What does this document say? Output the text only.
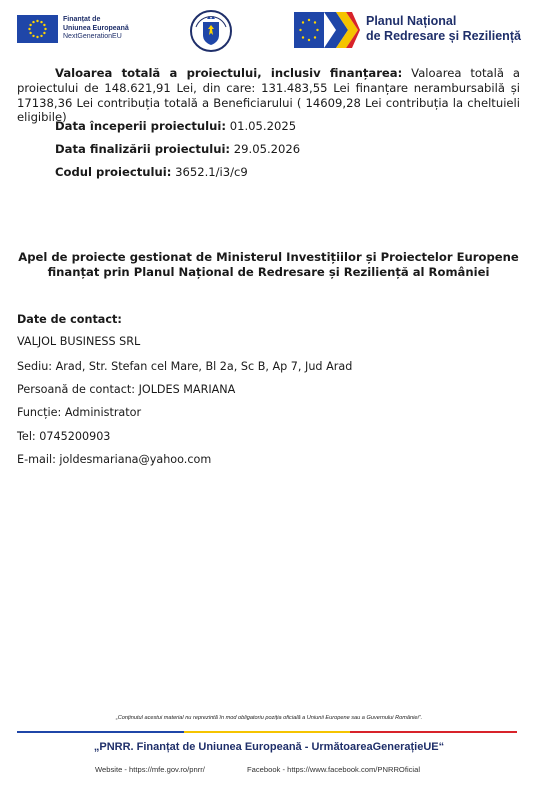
Finanțat de
Uniunea Europeană
NextGenerationEU
Planul Național
de Redresare și Reziliență
Valoarea totală a proiectului, inclusiv finanțarea: Valoarea totală a proiectului de 148.621,91 Lei, din care: 131.483,55 Lei finanțare nerambursabilă și 17138,36 Lei contribuția totală a Beneficiarului ( 14609,28 Lei contribuția la cheltuieli eligibile)
Data începerii proiectului: 01.05.2025
Data finalizării proiectului: 29.05.2026
Codul proiectului: 3652.1/i3/c9
Apel de proiecte gestionat de Ministerul Investițiilor și Proiectelor Europene
finanțat prin Planul Național de Redresare și Reziliență al României
Date de contact:
VALJOL BUSINESS SRL
Sediu: Arad, Str. Stefan cel Mare, Bl 2a, Sc B, Ap 7, Jud Arad
Persoană de contact: JOLDES MARIANA
Funcție: Administrator
Tel: 0745200903
E-mail: joldesmariana@yahoo.com
„Conținutul acestui material nu reprezintă în mod obligatoriu poziția oficială a Uniunii Europene sau a Guvernului României”.
„PNRR. Finanțat de Uniunea Europeană - UrmătoareaGenerațieUE“
Website - https://mfe.gov.ro/pnrr/	Facebook - https://www.facebook.com/PNRROficial
